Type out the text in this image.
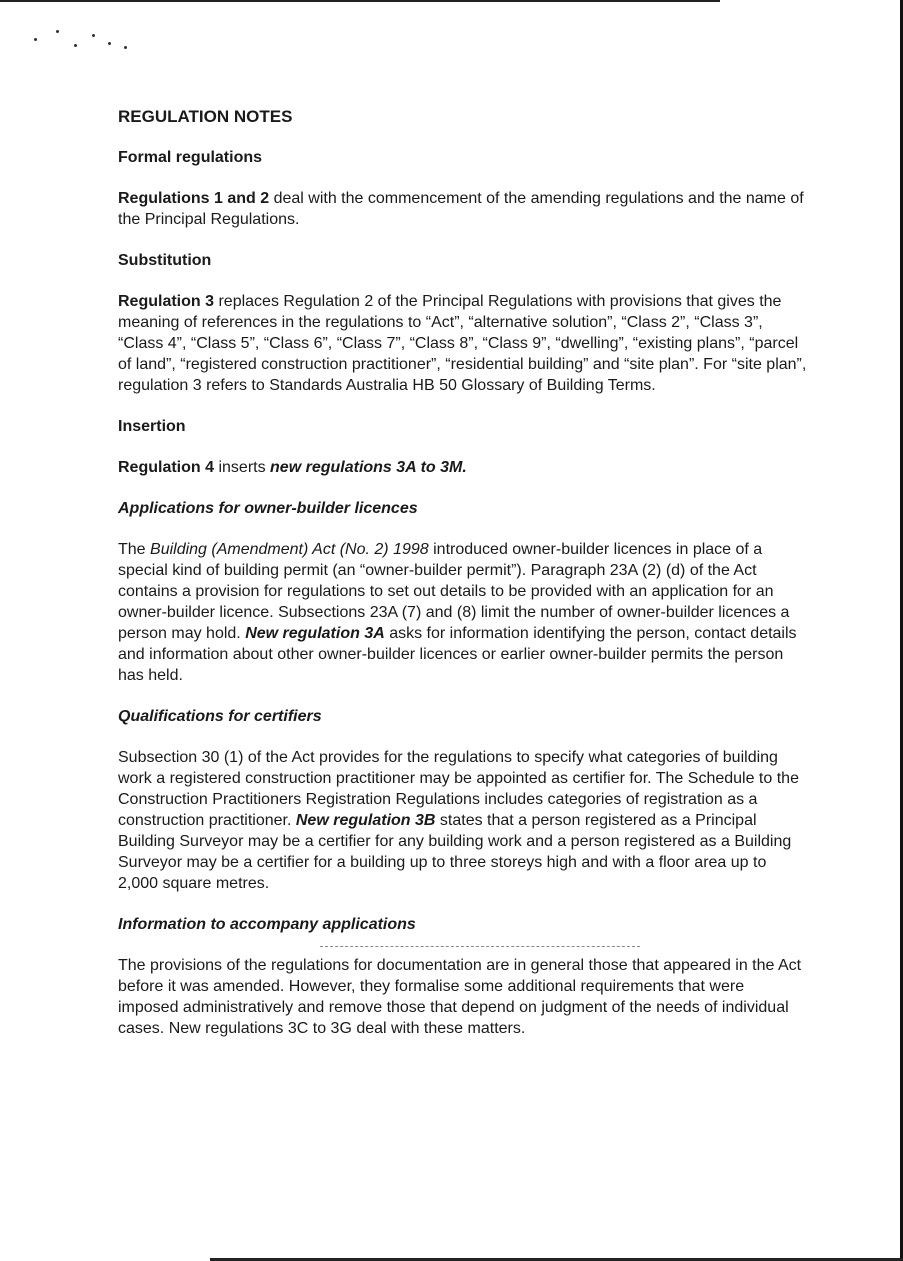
REGULATION NOTES
Formal regulations

Regulations 1 and 2 deal with the commencement of the amending regulations and the name of the Principal Regulations.

Substitution

Regulation 3 replaces Regulation 2 of the Principal Regulations with provisions that gives the meaning of references in the regulations to “Act”, “alternative solution”, “Class 2”, “Class 3”, “Class 4”, “Class 5”, “Class 6”, “Class 7”, “Class 8”, “Class 9”, “dwelling”, “existing plans”, “parcel of land”, “registered construction practitioner”, “residential building” and “site plan”. For “site plan”, regulation 3 refers to Standards Australia HB 50 Glossary of Building Terms.

Insertion

Regulation 4 inserts new regulations 3A to 3M.

Applications for owner-builder licences

The Building (Amendment) Act (No. 2) 1998 introduced owner-builder licences in place of a special kind of building permit (an “owner-builder permit”). Paragraph 23A (2) (d) of the Act contains a provision for regulations to set out details to be provided with an application for an owner-builder licence. Subsections 23A (7) and (8) limit the number of owner-builder licences a person may hold. New regulation 3A asks for information identifying the person, contact details and information about other owner-builder licences or earlier owner-builder permits the person has held.

Qualifications for certifiers

Subsection 30 (1) of the Act provides for the regulations to specify what categories of building work a registered construction practitioner may be appointed as certifier for. The Schedule to the Construction Practitioners Registration Regulations includes categories of registration as a construction practitioner. New regulation 3B states that a person registered as a Principal Building Surveyor may be a certifier for any building work and a person registered as a Building Surveyor may be a certifier for a building up to three storeys high and with a floor area up to 2,000 square metres.

Information to accompany applications

The provisions of the regulations for documentation are in general those that appeared in the Act before it was amended. However, they formalise some additional requirements that were imposed administratively and remove those that depend on judgment of the needs of individual cases. New regulations 3C to 3G deal with these matters.
